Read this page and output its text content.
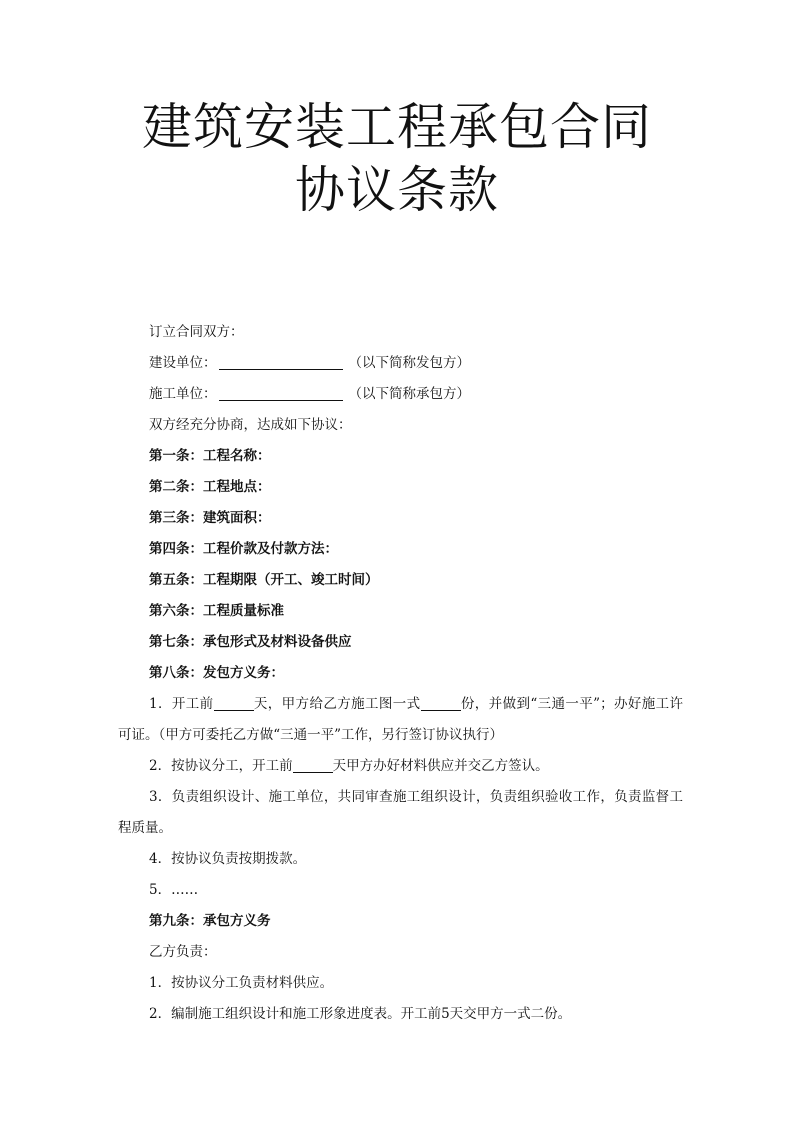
建筑安装工程承包合同
协议条款

订立合同双方：

建设单位：	（以下简称发包方）

施工单位：	（以下简称承包方）

双方经充分协商，达成如下协议：

第一条：工程名称：

第二条：工程地点：

第三条：建筑面积：

第四条：工程价款及付款方法：

第五条：工程期限（开工、竣工时间）

第六条：工程质量标准

第七条：承包形式及材料设备供应

第八条：发包方义务：

1．开工前	天，甲方给乙方施工图一式	份，并做到“三通一平”；办好施工许可证。（甲方可委托乙方做“三通一平”工作，另行签订协议执行）

2．按协议分工，开工前	天甲方办好材料供应并交乙方签认。

3．负责组织设计、施工单位，共同审查施工组织设计，负责组织验收工作，负责监督工程质量。

4．按协议负责按期拨款。

5．……

第九条：承包方义务

乙方负责：

1．按协议分工负责材料供应。

2．编制施工组织设计和施工形象进度表。开工前5天交甲方一式二份。
